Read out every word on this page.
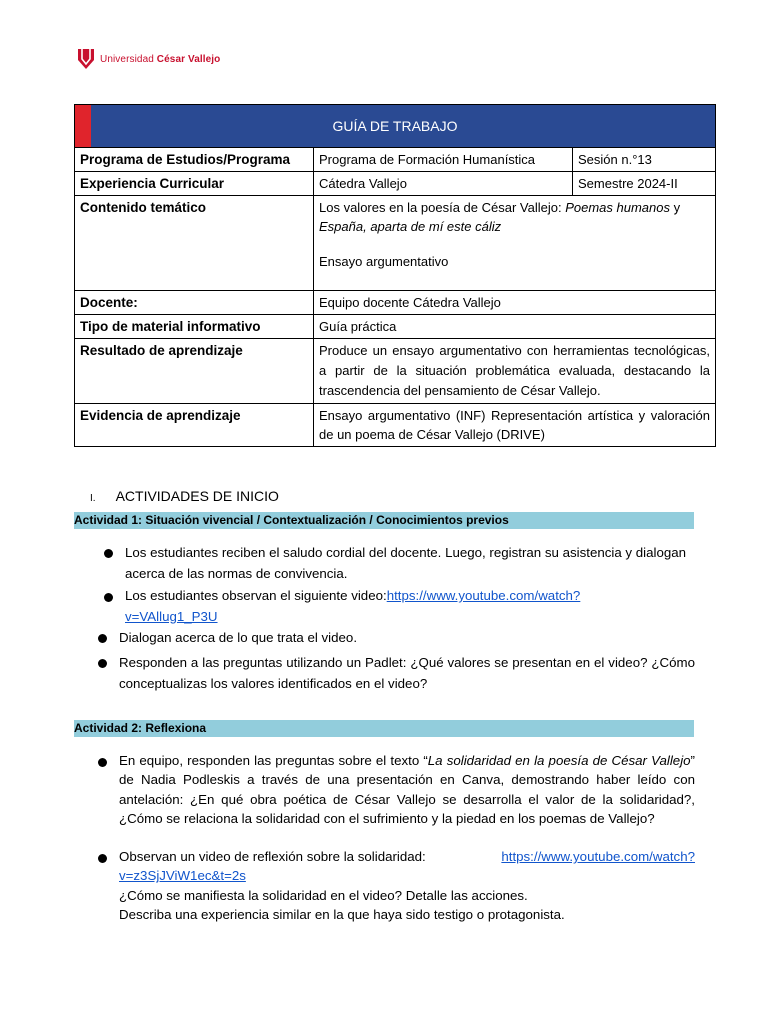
Universidad César Vallejo
GUÍA DE TRABAJO		

Programa de Estudios/Programa	Programa de Formación Humanística	Sesión n.°13
Experiencia Curricular	Cátedra Vallejo	Semestre 2024-II
Contenido temático	Los valores en la poesía de César Vallejo: Poemas humanos y
España, aparta de mí este cáliz
Ensayo argumentativo	

Docente:	Equipo docente Cátedra Vallejo	
Tipo de material informativo	Guía práctica	
Resultado de aprendizaje	Produce un ensayo argumentativo con herramientas tecnológicas, a partir de la situación problemática evaluada, destacando la trascendencia del pensamiento de César Vallejo.	
Evidencia de aprendizaje	Ensayo argumentativo (INF) Representación artística y valoración de un poema de César Vallejo (DRIVE)	
I. ACTIVIDADES DE INICIO
Actividad 1: Situación vivencial / Contextualización / Conocimientos previos
Los estudiantes reciben el saludo cordial del docente. Luego, registran su asistencia y dialogan acerca de las normas de convivencia.
Los estudiantes observan el siguiente video:https://www.youtube.com/watch?
v=VAllug1_P3U
Dialogan acerca de lo que trata el video.
Responden a las preguntas utilizando un Padlet: ¿Qué valores se presentan en el video? ¿Cómo conceptualizas los valores identificados en el video?
Actividad 2: Reflexiona
En equipo, responden las preguntas sobre el texto “La solidaridad en la poesía de César Vallejo” de Nadia Podleskis a través de una presentación en Canva, demostrando haber leído con antelación: ¿En qué obra poética de César Vallejo se desarrolla el valor de la solidaridad?, ¿Cómo se relaciona la solidaridad con el sufrimiento y la piedad en los poemas de Vallejo?
Observan un video de reflexión sobre la solidaridad:	https://www.youtube.com/watch?
v=z3SjJViW1ec&t=2s
¿Cómo se manifiesta la solidaridad en el video? Detalle las acciones.
Describa una experiencia similar en la que haya sido testigo o protagonista.
